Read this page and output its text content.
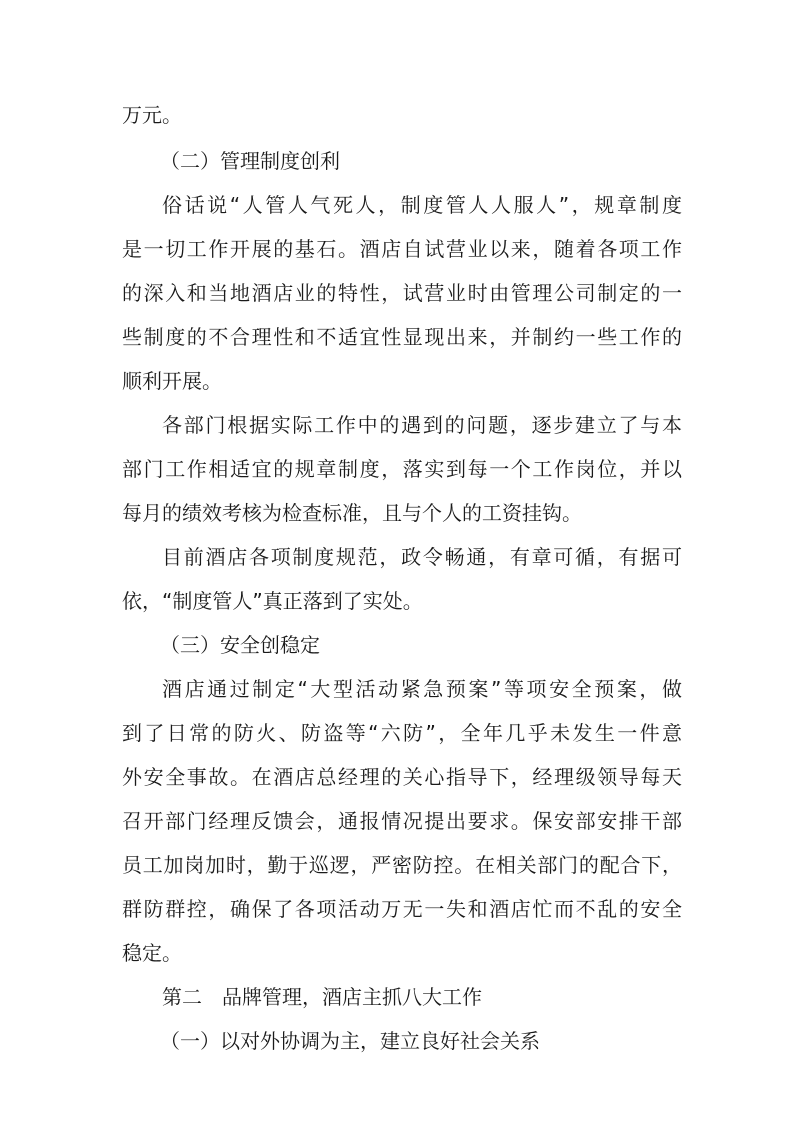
万元。
（二）管理制度创利
俗话说“人管人气死人，制度管人人服人”，规章制度
是一切工作开展的基石。酒店自试营业以来，随着各项工作
的深入和当地酒店业的特性，试营业时由管理公司制定的一
些制度的不合理性和不适宜性显现出来，并制约一些工作的
顺利开展。
各部门根据实际工作中的遇到的问题，逐步建立了与本
部门工作相适宜的规章制度，落实到每一个工作岗位，并以
每月的绩效考核为检查标准，且与个人的工资挂钩。
目前酒店各项制度规范，政令畅通，有章可循，有据可
依，“制度管人”真正落到了实处。
（三）安全创稳定
酒店通过制定“大型活动紧急预案”等项安全预案，做
到了日常的防火、防盗等“六防”，全年几乎未发生一件意
外安全事故。在酒店总经理的关心指导下，经理级领导每天
召开部门经理反馈会，通报情况提出要求。保安部安排干部
员工加岗加时，勤于巡逻，严密防控。在相关部门的配合下，
群防群控，确保了各项活动万无一失和酒店忙而不乱的安全
稳定。
第二　品牌管理，酒店主抓八大工作
（一）以对外协调为主，建立良好社会关系
